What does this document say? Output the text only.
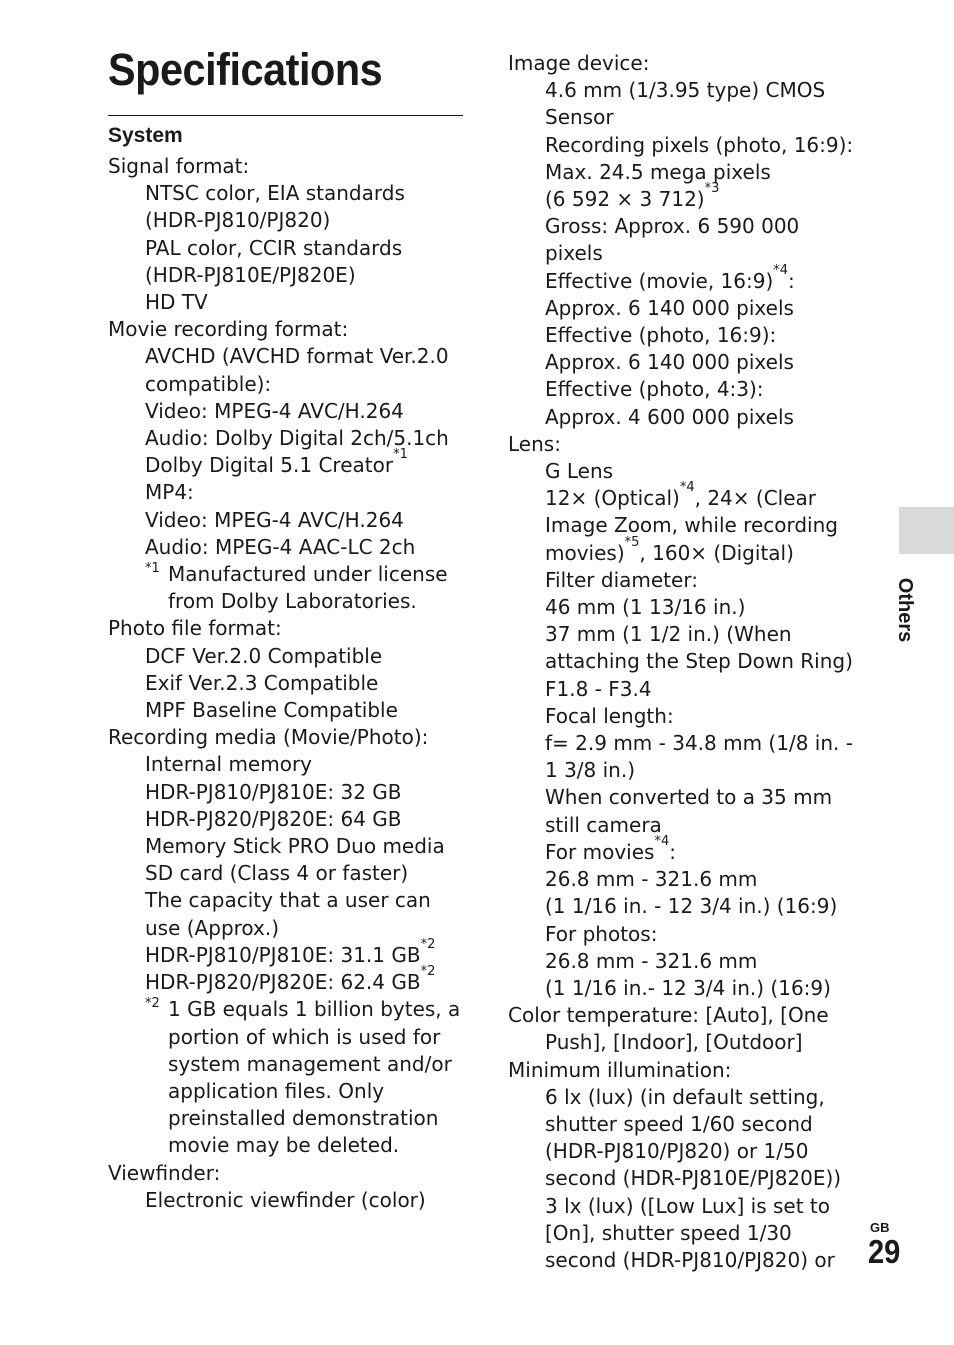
Specifications
System
Signal format:
NTSC color, EIA standards
(HDR-PJ810/PJ820)
PAL color, CCIR standards
(HDR-PJ810E/PJ820E)
HD TV
Movie recording format:
AVCHD (AVCHD format Ver.2.0
compatible):
Video: MPEG-4 AVC/H.264
Audio: Dolby Digital 2ch/5.1ch
Dolby Digital 5.1 Creator$^{*1}$
MP4:
Video: MPEG-4 AVC/H.264
Audio: MPEG-4 AAC-LC 2ch
*1 Manufactured under license
from Dolby Laboratories.
Photo file format:
DCF Ver.2.0 Compatible
Exif Ver.2.3 Compatible
MPF Baseline Compatible
Recording media (Movie/Photo):
Internal memory
HDR-PJ810/PJ810E: 32 GB
HDR-PJ820/PJ820E: 64 GB
Memory Stick PRO Duo media
SD card (Class 4 or faster)
The capacity that a user can
use (Approx.)
HDR-PJ810/PJ810E: 31.1 GB$^{*2}$
HDR-PJ820/PJ820E: 62.4 GB$^{*2}$
*2 1 GB equals 1 billion bytes, a
portion of which is used for
system management and/or
application files. Only
preinstalled demonstration
movie may be deleted.
Viewfinder:
Electronic viewfinder (color)
Image device:
4.6 mm (1/3.95 type) CMOS
Sensor
Recording pixels (photo, 16:9):
Max. 24.5 mega pixels
(6 592 × 3 712)$^{*3}$
Gross: Approx. 6 590 000
pixels
Effective (movie, 16:9)$^{*4}$:
Approx. 6 140 000 pixels
Effective (photo, 16:9):
Approx. 6 140 000 pixels
Effective (photo, 4:3):
Approx. 4 600 000 pixels
Lens:
G Lens
12× (Optical)$^{*4}$, 24× (Clear
Image Zoom, while recording
movies)$^{*5}$, 160× (Digital)
Filter diameter:
46 mm (1 13/16 in.)
37 mm (1 1/2 in.) (When
attaching the Step Down Ring)
F1.8 - F3.4
Focal length:
f= 2.9 mm - 34.8 mm (1/8 in. -
1 3/8 in.)
When converted to a 35 mm
still camera
For movies$^{*4}$:
26.8 mm - 321.6 mm
(1 1/16 in. - 12 3/4 in.) (16:9)
For photos:
26.8 mm - 321.6 mm
(1 1/16 in.- 12 3/4 in.) (16:9)
Color temperature: [Auto], [One
Push], [Indoor], [Outdoor]
Minimum illumination:
6 lx (lux) (in default setting,
shutter speed 1/60 second
(HDR-PJ810/PJ820) or 1/50
second (HDR-PJ810E/PJ820E))
3 lx (lux) ([Low Lux] is set to
[On], shutter speed 1/30
second (HDR-PJ810/PJ820) or
Others
GB
29
